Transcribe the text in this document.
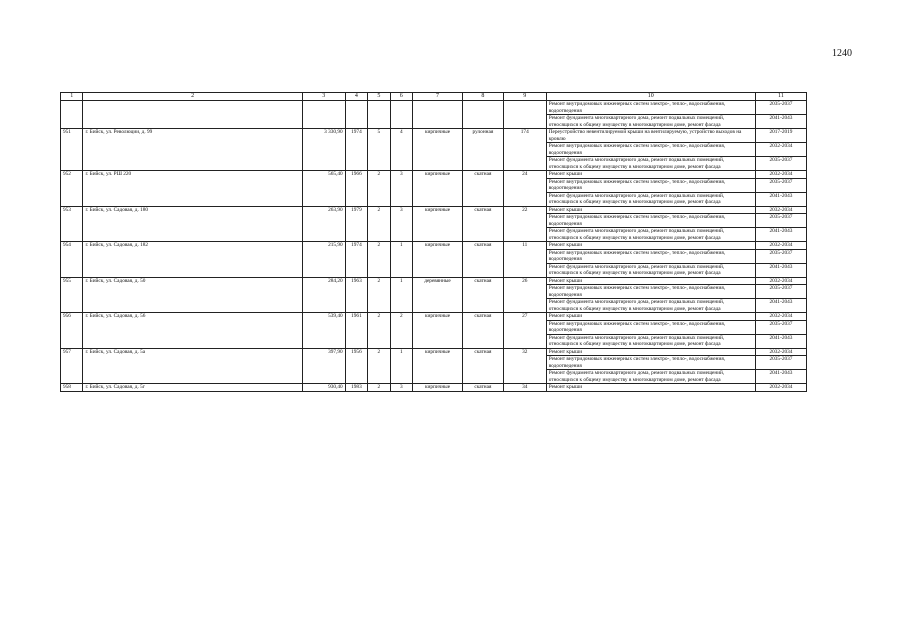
1240
1	2	3	4	5	6	7	8	9	10	11
									Ремонт внутридомовых инженерных систем электро-, тепло-, водоснабжения, водоотведения	2035-2037
									Ремонт фундамента многоквартирного дома, ремонт подвальных помещений, относящихся к общему имуществу в многоквартирном доме, ремонт фасада	2041-2043
951	г. Бийск, ул. Революции, д. 99	3 330,90	1974	5	4	кирпичные	рулонная	174	Переустройство невентилируемой крыши на вентилируемую, устройство выходов на кровлю	2017-2019
									Ремонт внутридомовых инженерных систем электро-, тепло-, водоснабжения, водоотведения	2032-2034
									Ремонт фундамента многоквартирного дома, ремонт подвальных помещений, относящихся к общему имуществу в многоквартирном доме, ремонт фасада	2035-2037
952	г. Бийск, ул. РШ 220	565,40	1966	2	3	кирпичные	скатная	24	Ремонт крыши	2032-2034
									Ремонт внутридомовых инженерных систем электро-, тепло-, водоснабжения, водоотведения	2035-2037
									Ремонт фундамента многоквартирного дома, ремонт подвальных помещений, относящихся к общему имуществу в многоквартирном доме, ремонт фасада	2041-2043
953	г. Бийск, ул. Садовая, д. 180	263,90	1979	2	3	кирпичные	скатная	22	Ремонт крыши	2032-2034
									Ремонт внутридомовых инженерных систем электро-, тепло-, водоснабжения, водоотведения	2035-2037
									Ремонт фундамента многоквартирного дома, ремонт подвальных помещений, относящихся к общему имуществу в многоквартирном доме, ремонт фасада	2041-2043
954	г. Бийск, ул. Садовая, д. 182	215,90	1974	2	1	кирпичные	скатная	11	Ремонт крыши	2032-2034
									Ремонт внутридомовых инженерных систем электро-, тепло-, водоснабжения, водоотведения	2035-2037
									Ремонт фундамента многоквартирного дома, ремонт подвальных помещений, относящихся к общему имуществу в многоквартирном доме, ремонт фасада	2041-2043
955	г. Бийск, ул. Садовая, д. 50	284,20	1963	2	1	деревянные	скатная	26	Ремонт крыши	2032-2034
									Ремонт внутридомовых инженерных систем электро-, тепло-, водоснабжения, водоотведения	2035-2037
									Ремонт фундамента многоквартирного дома, ремонт подвальных помещений, относящихся к общему имуществу в многоквартирном доме, ремонт фасада	2041-2043
956	г. Бийск, ул. Садовая, д. 56	539,40	1961	2	2	кирпичные	скатная	27	Ремонт крыши	2032-2034
									Ремонт внутридомовых инженерных систем электро-, тепло-, водоснабжения, водоотведения	2035-2037
									Ремонт фундамента многоквартирного дома, ремонт подвальных помещений, относящихся к общему имуществу в многоквартирном доме, ремонт фасада	2041-2043
957	г. Бийск, ул. Садовая, д. 5а	397,90	1956	2	1	кирпичные	скатная	32	Ремонт крыши	2032-2034
									Ремонт внутридомовых инженерных систем электро-, тепло-, водоснабжения, водоотведения	2035-2037
									Ремонт фундамента многоквартирного дома, ремонт подвальных помещений, относящихся к общему имуществу в многоквартирном доме, ремонт фасада	2041-2043
958	г. Бийск, ул. Садовая, д. 5г	930,40	1983	2	3	кирпичные	скатная	34	Ремонт крыши	2032-2034
